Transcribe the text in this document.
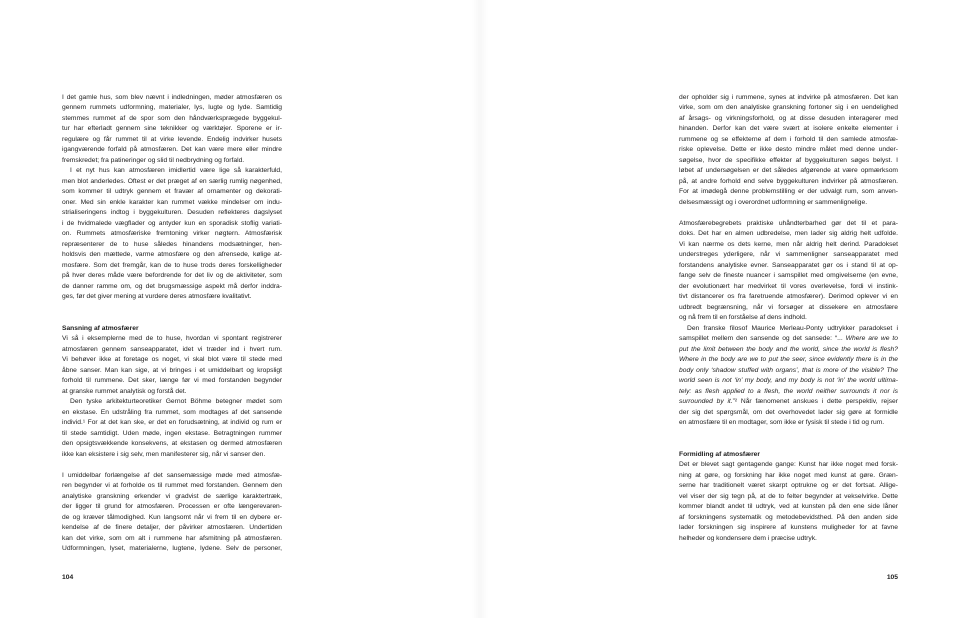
I det gamle hus, som blev nævnt i indledningen, møder atmosfæren os
gennem rummets udformning, materialer, lys, lugte og lyde. Samtidig
stemmes rummet af de spor som den håndværksprægede byggekul-
tur har efterladt gennem sine teknikker og værktøjer. Sporene er ir-
regulære og får rummet til at virke levende. Endelig indvirker husets
igangværende forfald på atmosfæren. Det kan være mere eller mindre
fremskredet; fra patineringer og slid til nedbrydning og forfald.
I et nyt hus kan atmosfæren imidlertid være lige så karakterfuld,
men blot anderledes. Oftest er det præget af en særlig rumlig nøgenhed,
som kommer til udtryk gennem et fravær af ornamenter og dekorati-
oner. Med sin enkle karakter kan rummet vække mindelser om indu-
strialiseringens indtog i byggekulturen. Desuden reflekteres dagslyset
i de hvidmalede vægflader og antyder kun en sporadisk stoflig variati-
on. Rummets atmosfæriske fremtoning virker nøgtern. Atmosfærisk
repræsenterer de to huse således hinandens modsætninger, hen-
holdsvis den mættede, varme atmosfære og den afrensede, kølige at-
mosfære. Som det fremgår, kan de to huse trods deres forskelligheder
på hver deres måde være befordrende for det liv og de aktiviteter, som
de danner ramme om, og det brugsmæssige aspekt må derfor inddra-
ges, før det giver mening at vurdere deres atmosfære kvalitativt.
Sansning af atmosfærer
Vi så i eksemplerne med de to huse, hvordan vi spontant registrerer
atmosfæren gennem sanseapparatet, idet vi træder ind i hvert rum.
Vi behøver ikke at foretage os noget, vi skal blot være til stede med
åbne sanser. Man kan sige, at vi bringes i et umiddelbart og kropsligt
forhold til rummene. Det sker, længe før vi med forstanden begynder
at granske rummet analytisk og forstå det.
Den tyske arkitekturteoretiker Gernot Böhme betegner mødet som
en ekstase. En udstråling fra rummet, som modtages af det sansende
individ.¹ For at det kan ske, er det en forudsætning, at individ og rum er
til stede samtidigt. Uden møde, ingen ekstase. Betragtningen rummer
den opsigtsvækkende konsekvens, at ekstasen og dermed atmosfæren
ikke kan eksistere i sig selv, men manifesterer sig, når vi sanser den.
I umiddelbar forlængelse af det sansemæssige møde med atmosfæ-
ren begynder vi at forholde os til rummet med forstanden. Gennem den
analytiske granskning erkender vi gradvist de særlige karaktertræk,
der ligger til grund for atmosfæren. Processen er ofte længerevaren-
de og kræver tålmodighed. Kun langsomt når vi frem til en dybere er-
kendelse af de finere detaljer, der påvirker atmosfæren. Undertiden
kan det virke, som om alt i rummene har afsmitning på atmosfæren.
Udformningen, lyset, materialerne, lugtene, lydene. Selv de personer,
104
der opholder sig i rummene, synes at indvirke på atmosfæren. Det kan
virke, som om den analytiske granskning fortoner sig i en uendelighed
af årsags- og virkningsforhold, og at disse desuden interagerer med
hinanden. Derfor kan det være svært at isolere enkelte elementer i
rummene og se effekterne af dem i forhold til den samlede atmosfæ-
riske oplevelse. Dette er ikke desto mindre målet med denne under-
søgelse, hvor de specifikke effekter af byggekulturen søges belyst. I
løbet af undersøgelsen er det således afgørende at være opmærksom
på, at andre forhold end selve byggekulturen indvirker på atmosfæren.
For at imødegå denne problemstilling er der udvalgt rum, som anven-
delsesmæssigt og i overordnet udformning er sammenlignelige.
Atmosfærebegrebets praktiske uhåndterbarhed gør det til et para-
doks. Det har en almen udbredelse, men lader sig aldrig helt udfolde.
Vi kan nærme os dets kerne, men når aldrig helt derind. Paradokset
understreges yderligere, når vi sammenligner sanseapparatet med
forstandens analytiske evner. Sanseapparatet gør os i stand til at op-
fange selv de fineste nuancer i samspillet med omgivelserne (en evne,
der evolutionært har medvirket til vores overlevelse, fordi vi instink-
tivt distancerer os fra faretruende atmosfærer). Derimod oplever vi en
udbredt begrænsning, når vi forsøger at dissekere en atmosfære
og nå frem til en forståelse af dens indhold.
Den franske filosof Maurice Merleau-Ponty udtrykker paradokset i
samspillet mellem den sansende og det sansede: “... Where are we to
put the limit between the body and the world, since the world is flesh?
Where in the body are we to put the seer, since evidently there is in the
body only ‘shadow stuffed with organs’, that is more of the visible? The
world seen is not ‘in’ my body, and my body is not ‘in’ the world ultima-
tely: as flesh applied to a flesh, the world neither surrounds it nor is
surrounded by it.”² Når fænomenet anskues i dette perspektiv, rejser
der sig det spørgsmål, om det overhovedet lader sig gøre at formidle
en atmosfære til en modtager, som ikke er fysisk til stede i tid og rum.
Formidling af atmosfærer
Det er blevet sagt gentagende gange: Kunst har ikke noget med forsk-
ning at gøre, og forskning har ikke noget med kunst at gøre. Græn-
serne har traditionelt været skarpt optrukne og er det fortsat. Allige-
vel viser der sig tegn på, at de to felter begynder at vekselvirke. Dette
kommer blandt andet til udtryk, ved at kunsten på den ene side låner
af forskningens systematik og metodebevidsthed. På den anden side
lader forskningen sig inspirere af kunstens muligheder for at favne
helheder og kondensere dem i præcise udtryk.
105
